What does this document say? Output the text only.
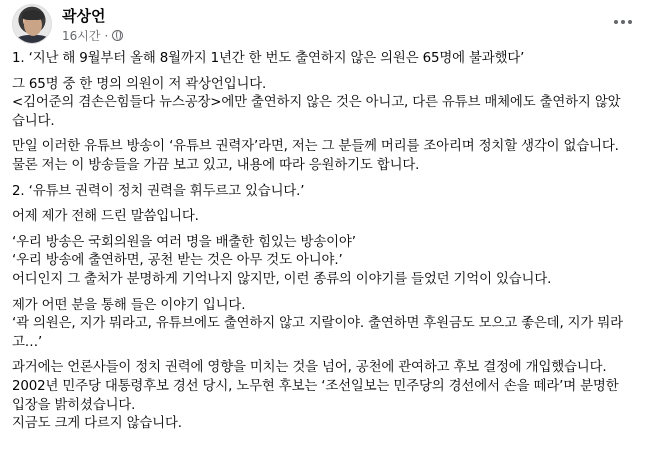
곽상언
16시간 ·

1. ‘지난 해 9월부터 올해 8월까지 1년간 한 번도 출연하지 않은 의원은 65명에 불과했다’

그 65명 중 한 명의 의원이 저 곽상언입니다.

<김어준의 겸손은힘들다 뉴스공장>에만 출연하지 않은 것은 아니고, 다른 유튜브 매체에도 출연하지 않았

습니다.

만일 이러한 유튜브 방송이 ‘유튜브 권력자’라면, 저는 그 분들께 머리를 조아리며 정치할 생각이 없습니다.

물론 저는 이 방송들을 가끔 보고 있고, 내용에 따라 응원하기도 합니다.

2. ‘유튜브 권력이 정치 권력을 휘두르고 있습니다.’

어제 제가 전해 드린 말씀입니다.

‘우리 방송은 국회의원을 여러 명을 배출한 힘있는 방송이야’

‘우리 방송에 출연하면, 공천 받는 것은 아무 것도 아니야.’

어디인지 그 출처가 분명하게 기억나지 않지만, 이런 종류의 이야기를 들었던 기억이 있습니다.

제가 어떤 분을 통해 들은 이야기 입니다.

‘곽 의원은, 지가 뭐라고, 유튜브에도 출연하지 않고 지랄이야. 출연하면 후원금도 모으고 좋은데, 지가 뭐라

고…’

과거에는 언론사들이 정치 권력에 영향을 미치는 것을 넘어, 공천에 관여하고 후보 결정에 개입했습니다.

2002년 민주당 대통령후보 경선 당시, 노무현 후보는 ‘조선일보는 민주당의 경선에서 손을 떼라’며 분명한

입장을 밝히셨습니다.

지금도 크게 다르지 않습니다.
